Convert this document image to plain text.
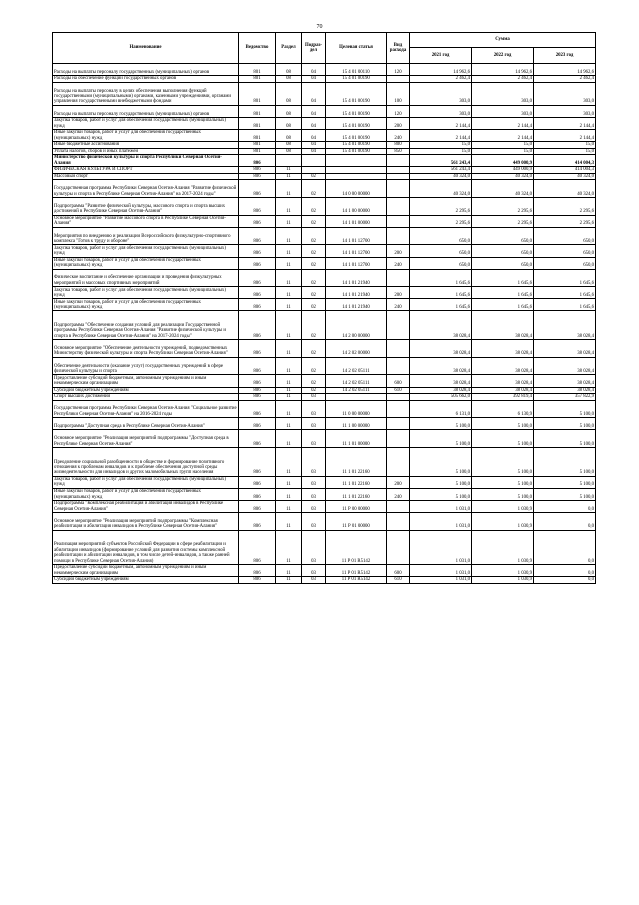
70
Наименование	Ведомство	Раздел	Подраз-дел	Целевая статья	Вид расхода	Сумма		
						2021 год	2022 год	2023 год
Расходы на выплаты персоналу государственных (муниципальных) органов	801	08	04	15 4 01 00110	120	14 962,6	14 962,6	14 962,6
Расходы на обеспечение функций государственных органов	801	08	04	15 4 01 00190		2 462,4	2 462,4	2 462,4
Расходы на выплаты персоналу в целях обеспечения выполнения функций государственными (муниципальными) органами, казенными учреждениями, органами управления государственными внебюджетными фондами	801	08	04	15 4 01 00190	100	303,0	303,0	303,0
Расходы на выплаты персоналу государственных (муниципальных) органов	801	08	04	15 4 01 00190	120	303,0	303,0	303,0
Закупка товаров, работ и услуг для обеспечения государственных (муниципальных) нужд	801	08	04	15 4 01 00190	200	2 144,4	2 144,4	2 144,4
Иные закупки товаров, работ и услуг для обеспечения государственных (муниципальных) нужд	801	08	04	15 4 01 00190	240	2 144,4	2 144,4	2 144,4
Иные бюджетные ассигнования	801	08	04	15 4 01 00190	800	15,0	15,0	15,0
Уплата налогов, сборов и иных платежей	801	08	04	15 4 01 00190	850	15,0	15,0	15,0
Министерство физической культуры и спорта Республики Северная Осетия-Алания	806					561 243,4	449 000,9	414 004,3
ФИЗИЧЕСКАЯ КУЛЬТУРА И СПОРТ	806	11				561 243,4	449 000,9	414 004,3
Массовый спорт	806	11	02			40 324,0	40 324,0	40 324,0
Государственная программа Республики Северная Осетия-Алания "Развитие физической культуры и спорта в Республике Северная Осетия-Алания" на 2017-2024 годы"	806	11	02	14 0 00 00000		40 324,0	40 324,0	40 324,0
Подпрограмма "Развитие физической культуры, массового спорта и спорта высших достижений в Республике Северная Осетия-Алания"	806	11	02	14 1 00 00000		2 295,6	2 295,6	2 295,6
Основное мероприятие "Развитие массового спорта в Республике Северная Осетия-Алания"	806	11	02	14 1 01 00000		2 295,6	2 295,6	2 295,6
Мероприятия по внедрению и реализации Всероссийского физкультурно-спортивного комплекса "Готов к труду и обороне"	806	11	02	14 1 01 12700		650,0	650,0	650,0
Закупка товаров, работ и услуг для обеспечения государственных (муниципальных) нужд	806	11	02	14 1 01 12700	200	650,0	650,0	650,0
Иные закупки товаров, работ и услуг для обеспечения государственных (муниципальных) нужд	806	11	02	14 1 01 12700	240	650,0	650,0	650,0
Физическое воспитание и обеспечение организации и проведения физкультурных мероприятий и массовых спортивных мероприятий	806	11	02	14 1 01 21940		1 645,6	1 645,6	1 645,6
Закупка товаров, работ и услуг для обеспечения государственных (муниципальных) нужд	806	11	02	14 1 01 21940	200	1 645,6	1 645,6	1 645,6
Иные закупки товаров, работ и услуг для обеспечения государственных (муниципальных) нужд	806	11	02	14 1 01 21940	240	1 645,6	1 645,6	1 645,6
Подпрограмма "Обеспечение создания условий для реализации Государственной программы Республики Северная Осетия-Алания "Развитие физической культуры и спорта в Республике Северная Осетия-Алания" на 2017-2024 годы"	806	11	02	14 2 00 00000		38 028,4	38 028,4	38 028,4
Основное мероприятие "Обеспечение деятельности учреждений, подведомственных Министерству физической культуры и спорта Республики Северная Осетия-Алания"	806	11	02	14 2 02 00000		38 028,4	38 028,4	38 028,4
Обеспечение деятельности (оказание услуг) государственных учреждений в сфере физической культуры и спорта	806	11	02	14 2 02 05111		38 028,4	38 028,4	38 028,4
Предоставление субсидий бюджетным, автономным учреждениям и иным некоммерческим организациям	806	11	02	14 2 02 05111	600	38 028,4	38 028,4	38 028,4
Субсидии бюджетным учреждениям	806	11	02	14 2 02 05111	610	38 028,4	38 028,4	38 028,4
Спорт высших достижений	806	11	03			505 662,0	392 819,4	357 822,9
Государственная программа Республики Северная Осетия-Алания "Социальное развитие Республики Северная Осетия-Алания" на 2016-2024 годы	806	11	03	11 0 00 00000		6 131,0	6 130,9	5 100,0
Подпрограмма "Доступная среда в Республике Северная Осетия-Алания"	806	11	03	11 1 00 00000		5 100,0	5 100,0	5 100,0
Основное мероприятие "Реализация мероприятий подпрограммы "Доступная среда в Республике Северная Осетия-Алания"	806	11	03	11 1 01 00000		5 100,0	5 100,0	5 100,0
Преодоление социальной разобщенности в обществе и формирование позитивного отношения к проблемам инвалидов и к проблеме обеспечения доступной среды жизнедеятельности для инвалидов и других маломобильных групп населения	806	11	03	11 1 01 22160		5 100,0	5 100,0	5 100,0
Закупка товаров, работ и услуг для обеспечения государственных (муниципальных) нужд	806	11	03	11 1 01 22160	200	5 100,0	5 100,0	5 100,0
Иные закупки товаров, работ и услуг для обеспечения государственных (муниципальных) нужд	806	11	03	11 1 01 22160	240	5 100,0	5 100,0	5 100,0
Подпрограмма "Комплексная реабилитация и абилитация инвалидов в Республике Северная Осетия-Алания"	806	11	03	11 Р 00 00000		1 031,0	1 030,9	0,0
Основное мероприятие "Реализация мероприятий подпрограммы "Комплексная реабилитация и абилитация инвалидов в Республике Северная Осетия-Алания"	806	11	03	11 Р 01 00000		1 031,0	1 030,9	0,0
Реализация мероприятий субъектов Российской Федерации в сфере реабилитации и абилитации инвалидов (формирование условий для развития системы комплексной реабилитации и абилитации инвалидов, в том числе детей-инвалидов, а также ранней помощи в Республике Северная Осетия-Алания)	806	11	03	11 Р 01 R5142		1 031,0	1 030,9	0,0
Предоставление субсидий бюджетным, автономным учреждениям и иным некоммерческим организациям	806	11	03	11 Р 01 R5142	600	1 031,0	1 030,9	0,0
Субсидии бюджетным учреждениям	806	11	03	11 Р 01 R5142	610	1 031,0	1 030,9	0,0
